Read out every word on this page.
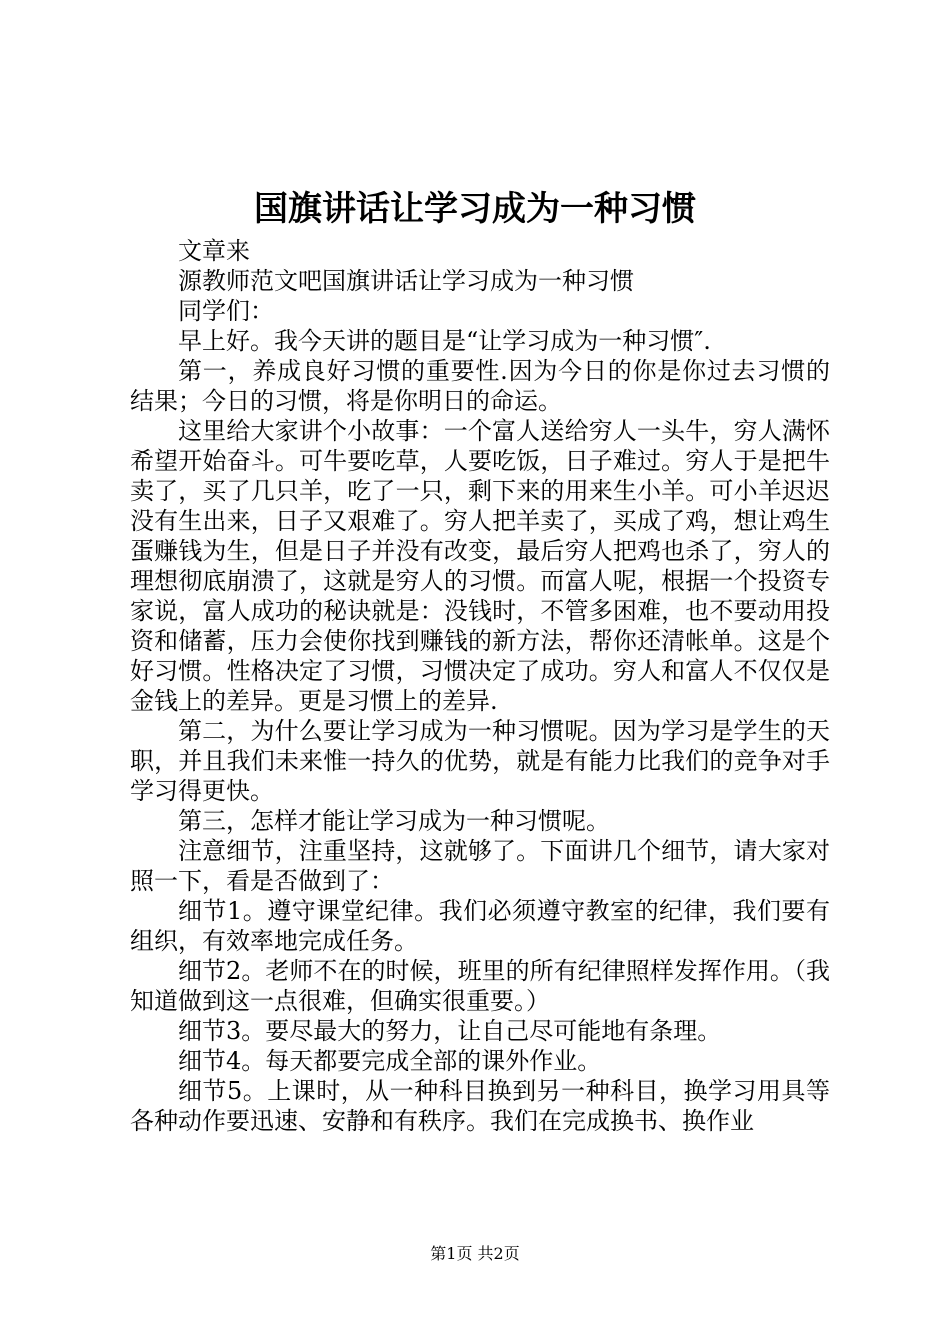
国旗讲话让学习成为一种习惯

文章来

源教师范文吧国旗讲话让学习成为一种习惯

同学们：

早上好。我今天讲的题目是“让学习成为一种习惯″.

第一，养成良好习惯的重要性.因为今日的你是你过去习惯的结果；今日的习惯，将是你明日的命运。

这里给大家讲个小故事：一个富人送给穷人一头牛，穷人满怀希望开始奋斗。可牛要吃草，人要吃饭，日子难过。穷人于是把牛卖了，买了几只羊，吃了一只，剩下来的用来生小羊。可小羊迟迟没有生出来，日子又艰难了。穷人把羊卖了，买成了鸡，想让鸡生蛋赚钱为生，但是日子并没有改变，最后穷人把鸡也杀了，穷人的理想彻底崩溃了，这就是穷人的习惯。而富人呢，根据一个投资专家说，富人成功的秘诀就是：没钱时，不管多困难，也不要动用投资和储蓄，压力会使你找到赚钱的新方法，帮你还清帐单。这是个好习惯。性格决定了习惯，习惯决定了成功。穷人和富人不仅仅是金钱上的差异。更是习惯上的差异.

第二，为什么要让学习成为一种习惯呢。因为学习是学生的天职，并且我们未来惟一持久的优势，就是有能力比我们的竞争对手学习得更快。

第三，怎样才能让学习成为一种习惯呢。

注意细节，注重坚持，这就够了。下面讲几个细节，请大家对照一下，看是否做到了：

细节1。遵守课堂纪律。我们必须遵守教室的纪律，我们要有组织，有效率地完成任务。

细节2。老师不在的时候，班里的所有纪律照样发挥作用。（我知道做到这一点很难，但确实很重要。）

细节3。要尽最大的努力，让自己尽可能地有条理。

细节4。每天都要完成全部的课外作业。

细节5。上课时，从一种科目换到另一种科目，换学习用具等各种动作要迅速、安静和有秩序。我们在完成换书、换作业

第1页 共2页
